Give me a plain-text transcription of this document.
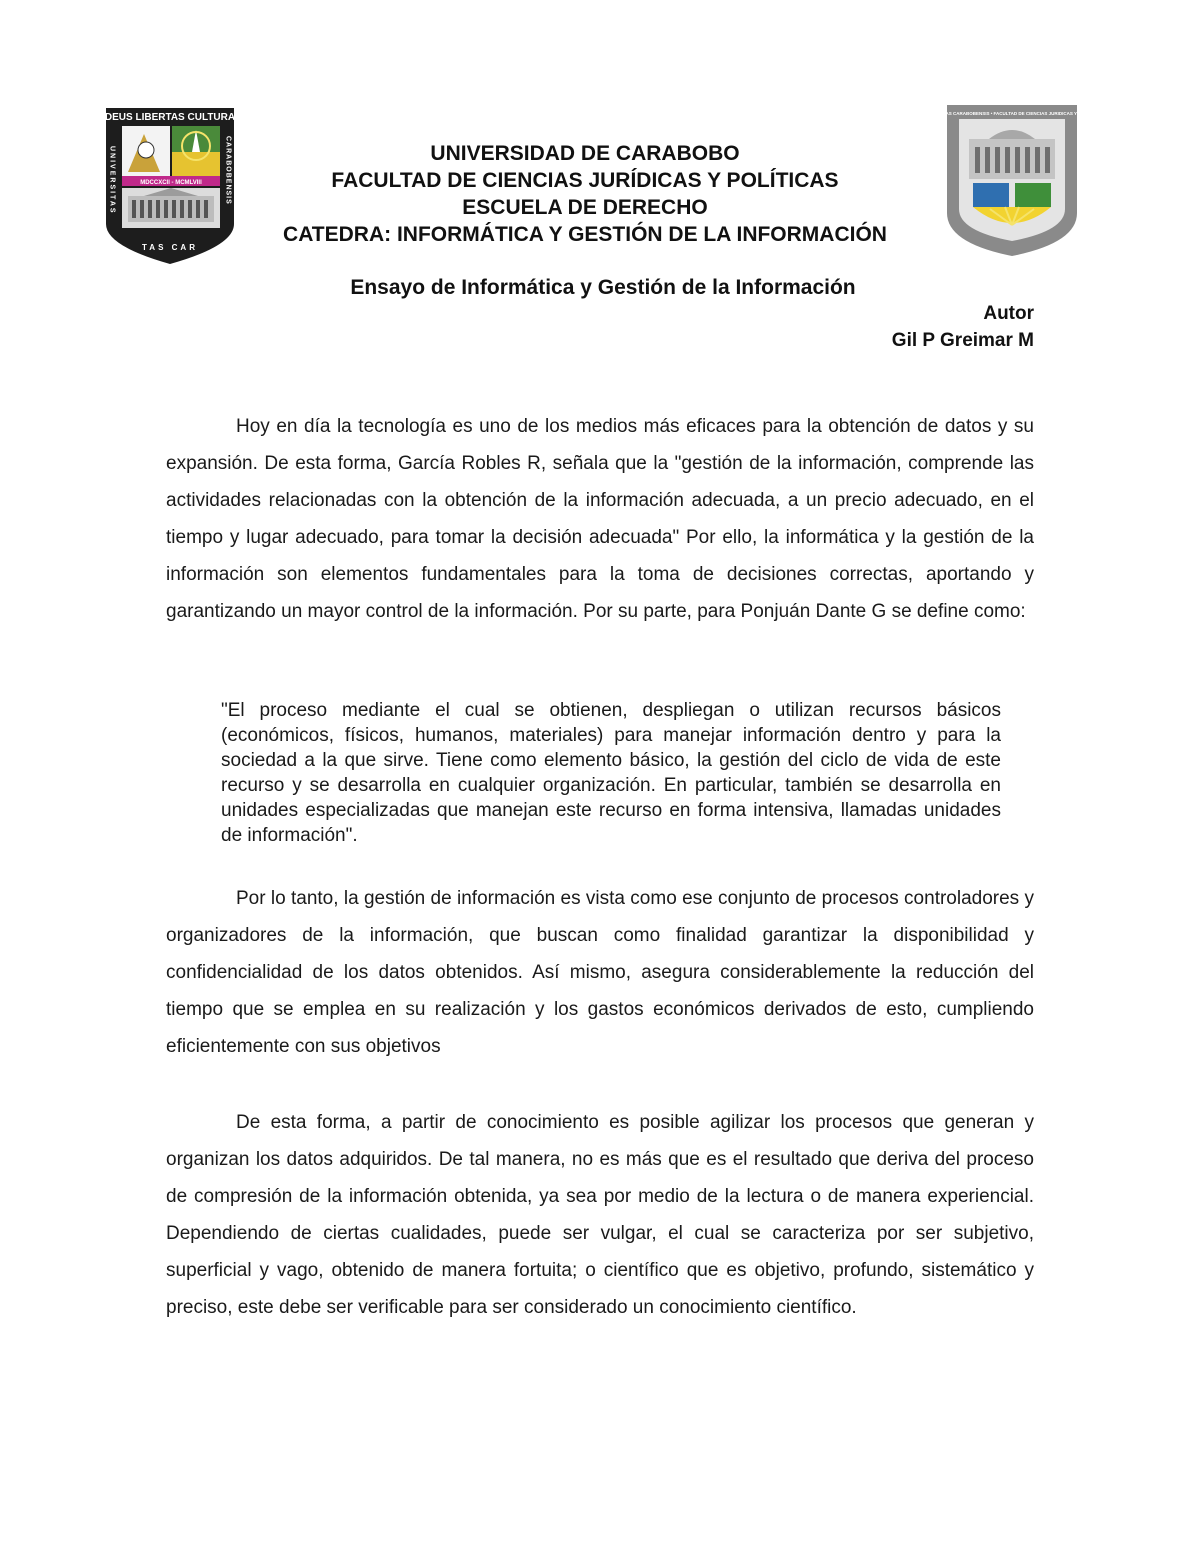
DEUS LIBERTAS CULTURA
MDCCXCII - MCMLVIII
UNIVERSITAS	CARABOBENSIS
TAS CAR
UNIVERSITAS CARABOBENSIS • FACULTAD DE CIENCIAS JURIDICAS Y POLITICAS
UNIVERSIDAD DE CARABOBO
FACULTAD DE CIENCIAS JURÍDICAS Y POLÍTICAS
ESCUELA DE DERECHO
CATEDRA: INFORMÁTICA Y GESTIÓN DE LA INFORMACIÓN
Ensayo de Informática y Gestión de la Información
Autor
Gil P Greimar M

Hoy en día la tecnología es uno de los medios más eficaces para la obtención de datos y su expansión. De esta forma, García Robles R, señala que la "gestión de la información, comprende las actividades relacionadas con la obtención de la información adecuada, a un precio adecuado, en el tiempo y lugar adecuado, para tomar la decisión adecuada" Por ello, la informática y la gestión de la información son elementos fundamentales para la toma de decisiones correctas, aportando y garantizando un mayor control de la información. Por su parte, para Ponjuán Dante G se define como:

"El proceso mediante el cual se obtienen, despliegan o utilizan recursos básicos (económicos, físicos, humanos, materiales) para manejar información dentro y para la sociedad a la que sirve. Tiene como elemento básico, la gestión del ciclo de vida de este recurso y se desarrolla en cualquier organización. En particular, también se desarrolla en unidades especializadas que manejan este recurso en forma intensiva, llamadas unidades de información".

Por lo tanto, la gestión de información es vista como ese conjunto de procesos controladores y organizadores de la información, que buscan como finalidad garantizar la disponibilidad y confidencialidad de los datos obtenidos. Así mismo, asegura considerablemente la reducción del tiempo que se emplea en su realización y los gastos económicos derivados de esto, cumpliendo eficientemente con sus objetivos

De esta forma, a partir de conocimiento es posible agilizar los procesos que generan y organizan los datos adquiridos. De tal manera, no es más que es el resultado que deriva del proceso de compresión de la información obtenida, ya sea por medio de la lectura o de manera experiencial. Dependiendo de ciertas cualidades, puede ser vulgar, el cual se caracteriza por ser subjetivo, superficial y vago, obtenido de manera fortuita; o científico que es objetivo, profundo, sistemático y preciso, este debe ser verificable para ser considerado un conocimiento científico.
